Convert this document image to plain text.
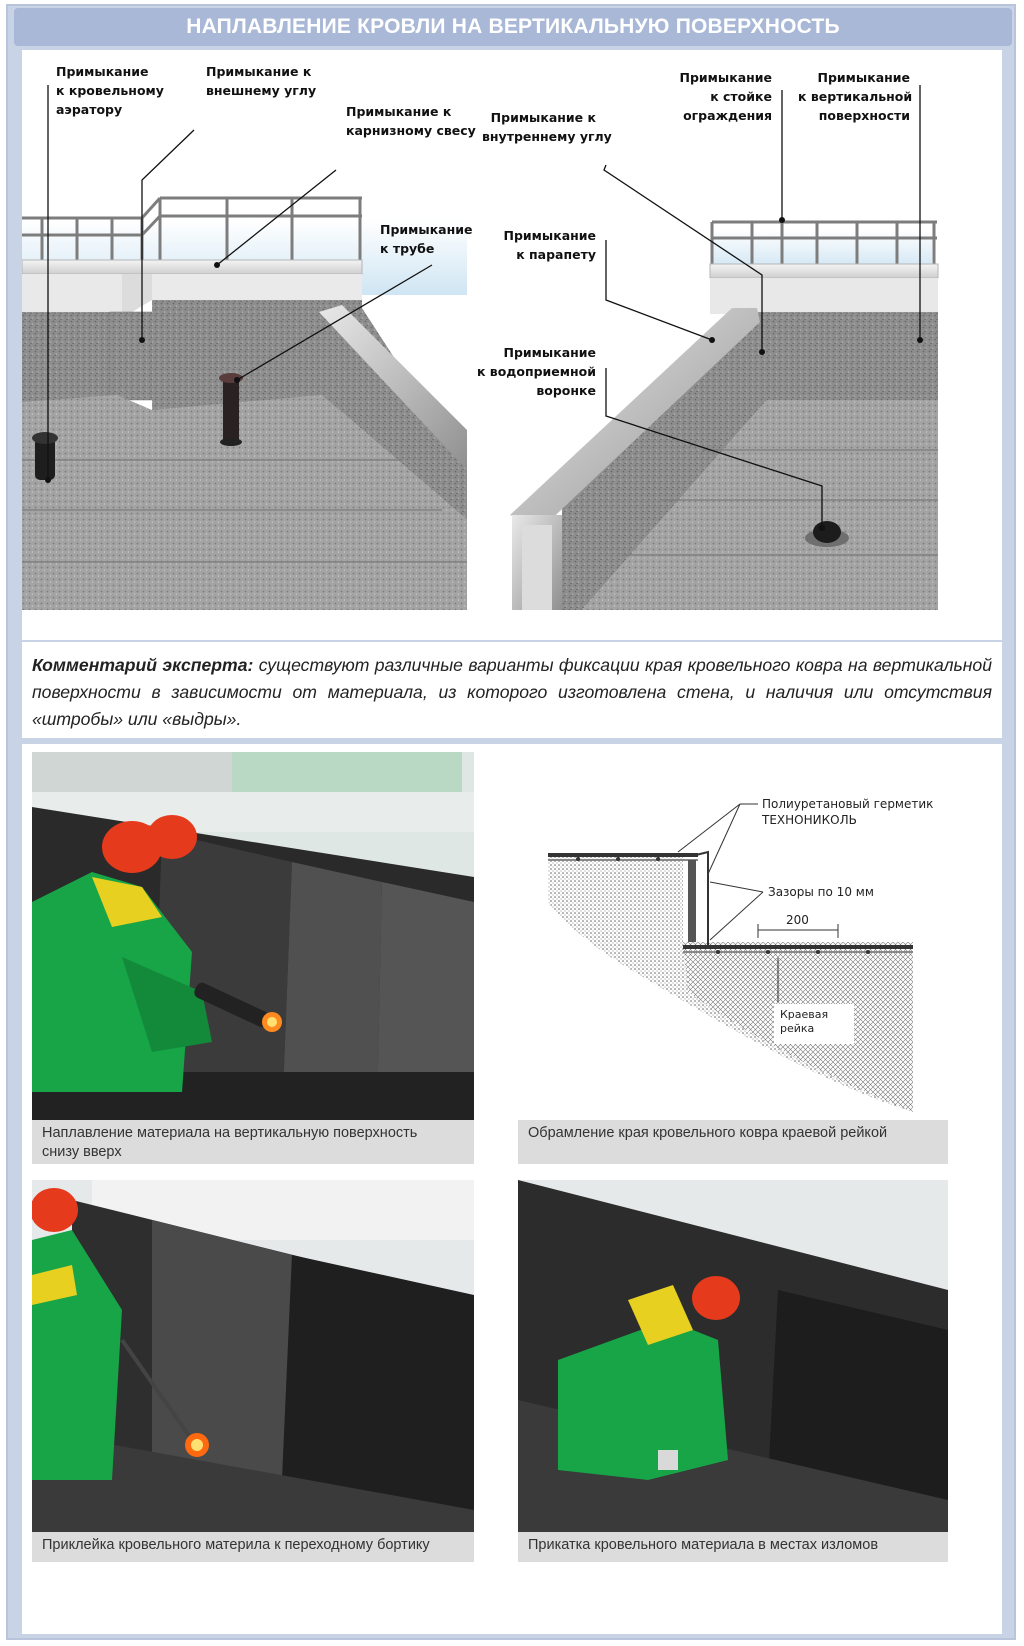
НАПЛАВЛЕНИЕ КРОВЛИ НА ВЕРТИКАЛЬНУЮ ПОВЕРХНОСТЬ
Примыкание
к кровельному
аэратору
Примыкание к
внешнему углу
Примыкание к
карнизному свесу
Примыкание
к трубе
Примыкание к
внутреннему углу
Примыкание
к стойке
ограждения
Примыкание
к вертикальной
поверхности
Примыкание
к парапету
Примыкание
к водоприемной
воронке
Комментарий эксперта: существуют различные варианты фиксации края кровельного ковра на вертикальной поверхности в зависимости от материала, из которого изготовлена стена, и наличия или отсутствия «штробы» или «выдры».
Наплавление материала на вертикальную поверхность
снизу вверх
Полиуретановый герметик
ТЕХНОНИКОЛЬ
Зазоры по 10 мм
200
Краевая рейка
Обрамление края кровельного ковра краевой рейкой
Приклейка кровельного материла к переходному бортику	Прикатка кровельного материала в местах изломов
